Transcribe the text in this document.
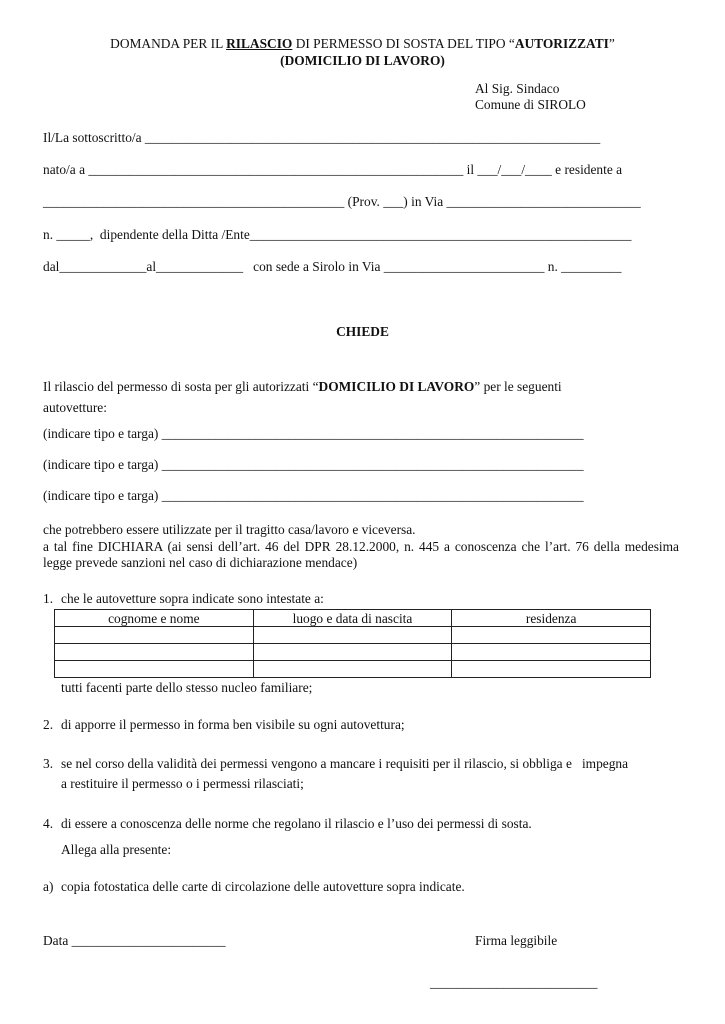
DOMANDA PER IL RILASCIO DI PERMESSO DI SOSTA DEL TIPO “AUTORIZZATI”
(DOMICILIO DI LAVORO)
Al Sig. Sindaco
Comune di SIROLO
Il/La sottoscritto/a ____________________________________________________________________
nato/a a ________________________________________________________ il ___/___/____ e residente a
_____________________________________________ (Prov. ___) in Via _____________________________
n. _____,  dipendente della Ditta /Ente_________________________________________________________
dal_____________al_____________   con sede a Sirolo in Via ________________________ n. _________
CHIEDE
Il rilascio del permesso di sosta per gli autorizzati “DOMICILIO DI LAVORO” per le seguenti
autovetture:
(indicare tipo e targa) _______________________________________________________________
(indicare tipo e targa) _______________________________________________________________
(indicare tipo e targa) _______________________________________________________________
che potrebbero essere utilizzate per il tragitto casa/lavoro e viceversa.
a tal fine DICHIARA (ai sensi dell’art. 46 del DPR 28.12.2000, n. 445 a conoscenza che l’art. 76 della medesima legge prevede sanzioni nel caso di dichiarazione mendace)
1. che le autovetture sopra indicate sono intestate a:
cognome e nome	luogo e data di nascita	residenza

tutti facenti parte dello stesso nucleo familiare;
2. di apporre il permesso in forma ben visibile su ogni autovettura;
3. se nel corso della validità dei permessi vengono a mancare i requisiti per il rilascio, si obbliga e   impegna
a restituire il permesso o i permessi rilasciati;
4. di essere a conoscenza delle norme che regolano il rilascio e l’uso dei permessi di sosta.
Allega alla presente:
a) copia fotostatica delle carte di circolazione delle autovetture sopra indicate.
Data _______________________	Firma leggibile
_________________________
